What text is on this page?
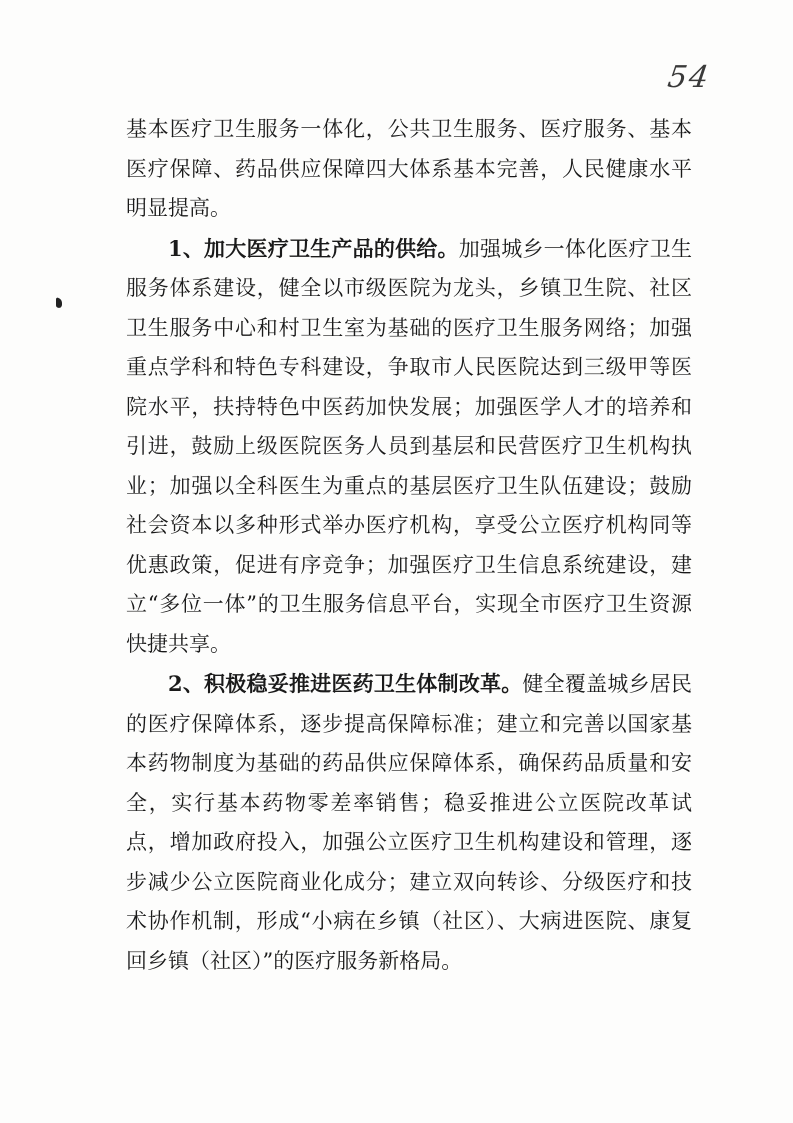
54

基本医疗卫生服务一体化，公共卫生服务、医疗服务、基本医疗保障、药品供应保障四大体系基本完善，人民健康水平明显提高。

1、加大医疗卫生产品的供给。加强城乡一体化医疗卫生服务体系建设，健全以市级医院为龙头，乡镇卫生院、社区卫生服务中心和村卫生室为基础的医疗卫生服务网络；加强重点学科和特色专科建设，争取市人民医院达到三级甲等医院水平，扶持特色中医药加快发展；加强医学人才的培养和引进，鼓励上级医院医务人员到基层和民营医疗卫生机构执业；加强以全科医生为重点的基层医疗卫生队伍建设；鼓励社会资本以多种形式举办医疗机构，享受公立医疗机构同等优惠政策，促进有序竞争；加强医疗卫生信息系统建设，建立“多位一体”的卫生服务信息平台，实现全市医疗卫生资源快捷共享。

2、积极稳妥推进医药卫生体制改革。健全覆盖城乡居民的医疗保障体系，逐步提高保障标准；建立和完善以国家基本药物制度为基础的药品供应保障体系，确保药品质量和安全，实行基本药物零差率销售；稳妥推进公立医院改革试点，增加政府投入，加强公立医疗卫生机构建设和管理，逐步减少公立医院商业化成分；建立双向转诊、分级医疗和技术协作机制，形成“小病在乡镇（社区）、大病进医院、康复回乡镇（社区）”的医疗服务新格局。
